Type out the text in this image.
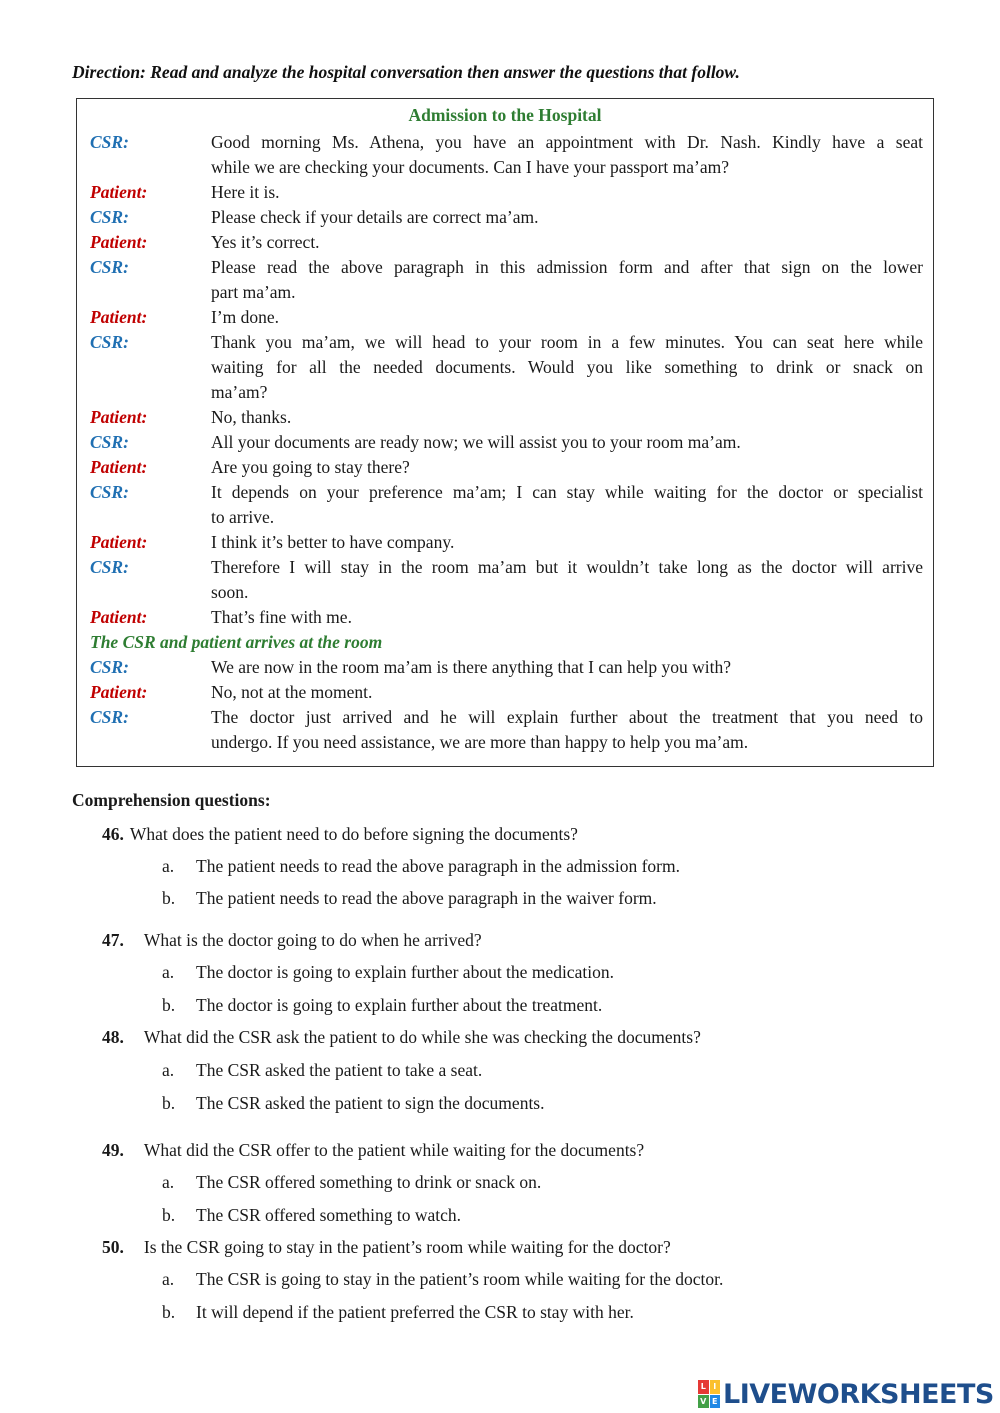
Direction: Read and analyze the hospital conversation then answer the questions that follow.
Admission to the Hospital
CSR:	Good morning Ms. Athena, you have an appointment with Dr. Nash. Kindly have a seat
while we are checking your documents. Can I have your passport ma’am?
Patient:	Here it is.
CSR:	Please check if your details are correct ma’am.
Patient:	Yes it’s correct.
CSR:	Please read the above paragraph in this admission form and after that sign on the lower
part ma’am.
Patient:	I’m done.
CSR:	Thank you ma’am, we will head to your room in a few minutes. You can seat here while
waiting for all the needed documents. Would you like something to drink or snack on
ma’am?
Patient:	No, thanks.
CSR:	All your documents are ready now; we will assist you to your room ma’am.
Patient:	Are you going to stay there?
CSR:	It depends on your preference ma’am; I can stay while waiting for the doctor or specialist
to arrive.
Patient:	I think it’s better to have company.
CSR:	Therefore I will stay in the room ma’am but it wouldn’t take long as the doctor will arrive
soon.
Patient:	That’s fine with me.
CSR:	We are now in the room ma’am is there anything that I can help you with?
Patient:	No, not at the moment.
CSR:	The doctor just arrived and he will explain further about the treatment that you need to
undergo. If you need assistance, we are more than happy to help you ma’am.
The CSR and patient arrives at the room
Comprehension questions:
46. What does the patient need to do before signing the documents?
a. The patient needs to read the above paragraph in the admission form.
b. The patient needs to read the above paragraph in the waiver form.
47. What is the doctor going to do when he arrived?
a. The doctor is going to explain further about the medication.
b. The doctor is going to explain further about the treatment.
48. What did the CSR ask the patient to do while she was checking the documents?
a. The CSR asked the patient to take a seat.
b. The CSR asked the patient to sign the documents.
49. What did the CSR offer to the patient while waiting for the documents?
a. The CSR offered something to drink or snack on.
b. The CSR offered something to watch.
50. Is the CSR going to stay in the patient’s room while waiting for the doctor?
a. The CSR is going to stay in the patient’s room while waiting for the doctor.
b. It will depend if the patient preferred the CSR to stay with her.
L I
V E LIVEWORKSHEETS
